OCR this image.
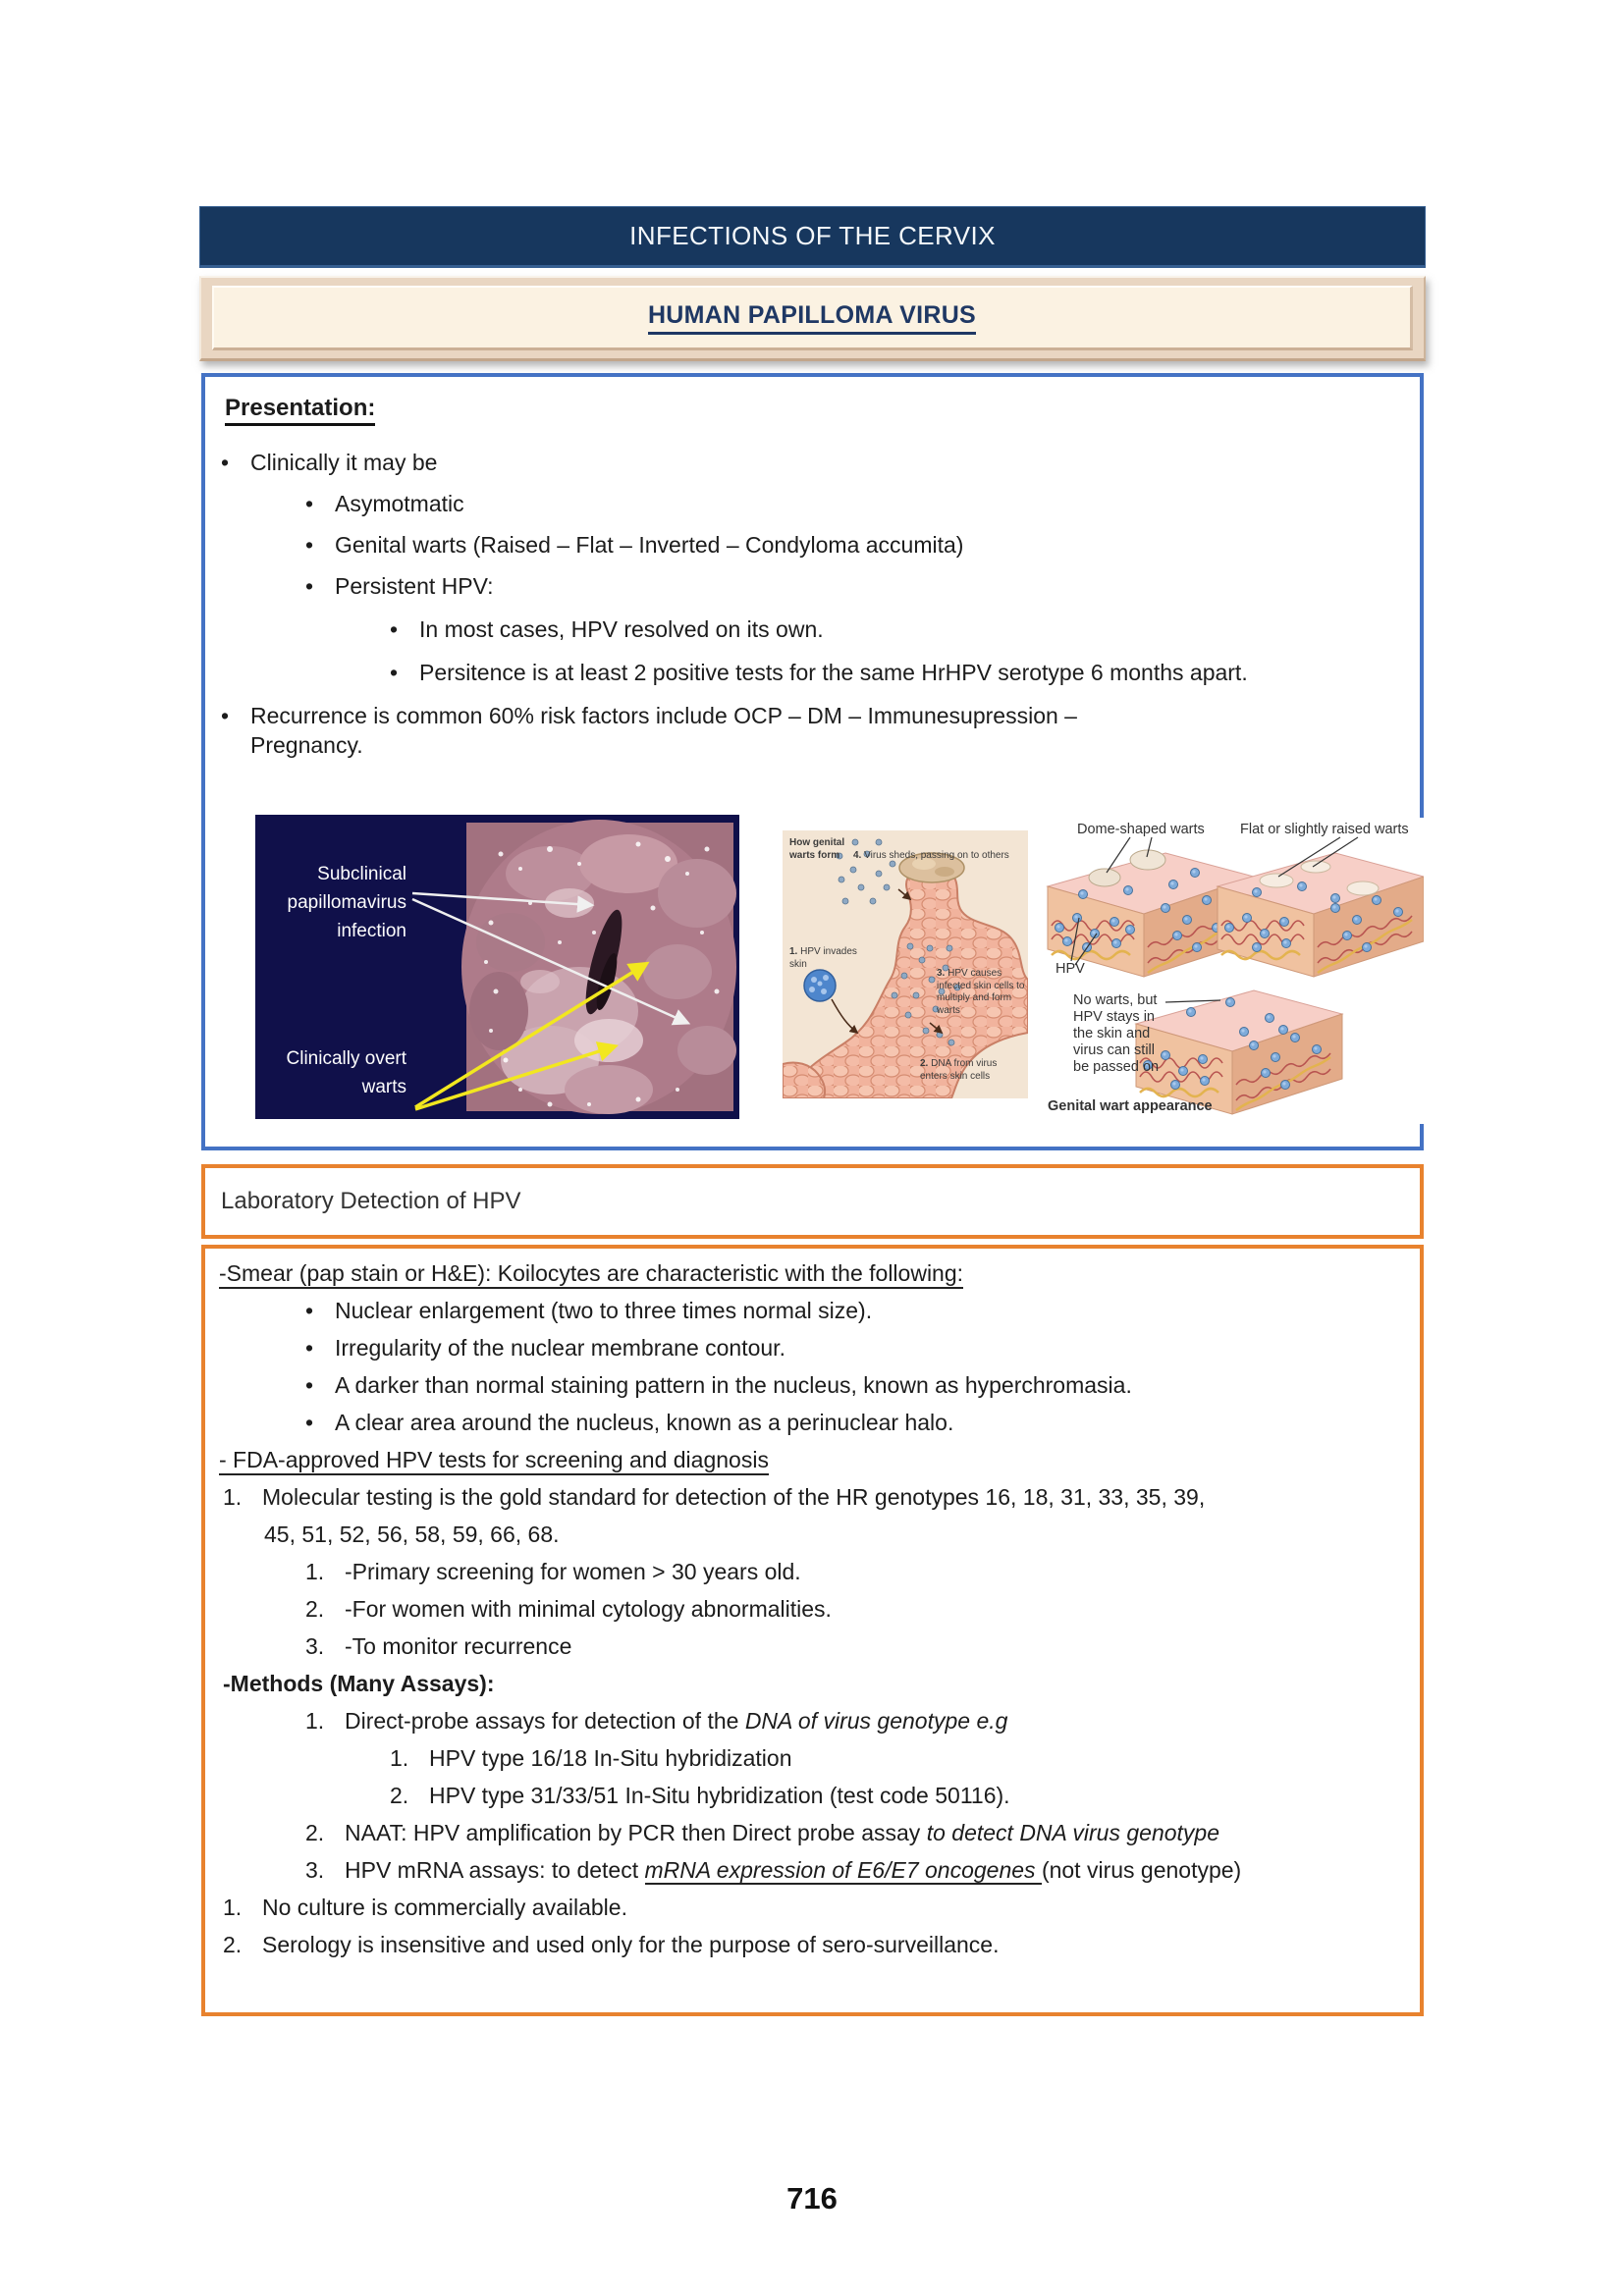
INFECTIONS OF THE CERVIX
HUMAN PAPILLOMA VIRUS
Presentation:
•
Clinically it may be
•
Asymotmatic
•
Genital warts (Raised – Flat – Inverted – Condyloma accumita)
•
Persistent HPV:
•
In most cases, HPV resolved on its own.
•
Persitence is at least 2 positive tests for the same HrHPV serotype 6 months apart.
•
Recurrence is common 60% risk factors include OCP – DM – Immunesupression – Pregnancy.
Subclinical papillomavirus infection
Clinically overt warts
How genital warts form	4. Virus sheds, passing on to others
1. HPV invades skin
3. HPV causes infected skin cells to multiply and form warts
2. DNA from virus enters skin cells
Dome-shaped warts	Flat or slightly raised warts
HPV
No warts, but HPV stays in the skin and virus can still be passed on
Genital wart appearance
Laboratory Detection of HPV
-Smear (pap stain or H&E): Koilocytes are characteristic with the following:
•
Nuclear enlargement (two to three times normal size).
•
Irregularity of the nuclear membrane contour.
•
A darker than normal staining pattern in the nucleus, known as hyperchromasia.
•
A clear area around the nucleus, known as a perinuclear halo.
- FDA-approved HPV tests for screening and diagnosis
1. Molecular testing is the gold standard for detection of the HR genotypes 16, 18, 31, 33, 35, 39,
45, 51, 52, 56, 58, 59, 66, 68.
1. -Primary screening for women > 30 years old.
2. -For women with minimal cytology abnormalities.
3. -To monitor recurrence
-Methods (Many Assays):
1. Direct-probe assays for detection of the DNA of virus genotype e.g
1. HPV type 16/18 In-Situ hybridization
2. HPV type 31/33/51 In-Situ hybridization (test code 50116).
2. NAAT: HPV amplification by PCR then Direct probe assay to detect DNA virus genotype
3. HPV mRNA assays: to detect mRNA expression of E6/E7 oncogenes (not virus genotype)
1. No culture is commercially available.
2. Serology is insensitive and used only for the purpose of sero-surveillance.
716
